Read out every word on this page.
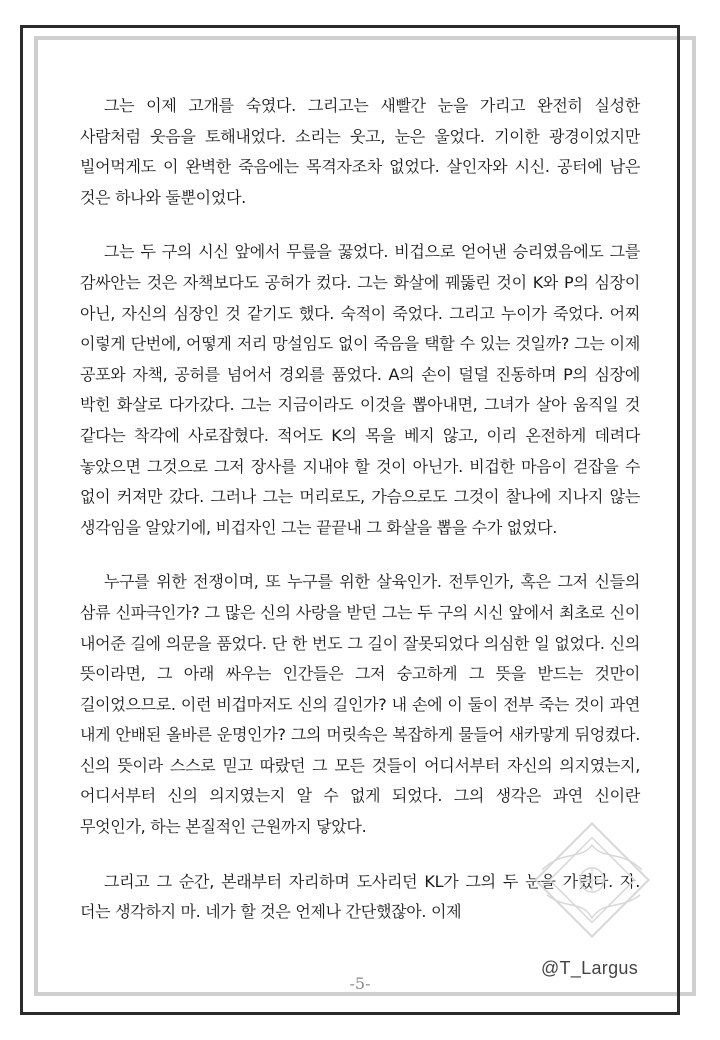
그는 이제 고개를 숙였다. 그리고는 새빨간 눈을 가리고 완전히 실성한 사람처럼 웃음을 토해내었다. 소리는 웃고, 눈은 울었다. 기이한 광경이었지만 빌어먹게도 이 완벽한 죽음에는 목격자조차 없었다. 살인자와 시신. 공터에 남은 것은 하나와 둘뿐이었다.

그는 두 구의 시신 앞에서 무릎을 꿇었다. 비겁으로 얻어낸 승리였음에도 그를 감싸안는 것은 자책보다도 공허가 컸다. 그는 화살에 꿰뚫린 것이 K와 P의 심장이 아닌, 자신의 심장인 것 같기도 했다. 숙적이 죽었다. 그리고 누이가 죽었다. 어찌 이렇게 단번에, 어떻게 저리 망설임도 없이 죽음을 택할 수 있는 것일까? 그는 이제 공포와 자책, 공허를 넘어서 경외를 품었다. A의 손이 덜덜 진동하며 P의 심장에 박힌 화살로 다가갔다. 그는 지금이라도 이것을 뽑아내면, 그녀가 살아 움직일 것 같다는 착각에 사로잡혔다. 적어도 K의 목을 베지 않고, 이리 온전하게 데려다 놓았으면 그것으로 그저 장사를 지내야 할 것이 아닌가. 비겁한 마음이 걷잡을 수 없이 커져만 갔다. 그러나 그는 머리로도, 가슴으로도 그것이 찰나에 지나지 않는 생각임을 알았기에, 비겁자인 그는 끝끝내 그 화살을 뽑을 수가 없었다.

누구를 위한 전쟁이며, 또 누구를 위한 살육인가. 전투인가, 혹은 그저 신들의 삼류 신파극인가? 그 많은 신의 사랑을 받던 그는 두 구의 시신 앞에서 최초로 신이 내어준 길에 의문을 품었다. 단 한 번도 그 길이 잘못되었다 의심한 일 없었다. 신의 뜻이라면, 그 아래 싸우는 인간들은 그저 숭고하게 그 뜻을 받드는 것만이 길이었으므로. 이런 비겁마저도 신의 길인가? 내 손에 이 둘이 전부 죽는 것이 과연 내게 안배된 올바른 운명인가? 그의 머릿속은 복잡하게 물들어 새카맣게 뒤엉켰다. 신의 뜻이라 스스로 믿고 따랐던 그 모든 것들이 어디서부터 자신의 의지였는지, 어디서부터 신의 의지였는지 알 수 없게 되었다. 그의 생각은 과연 신이란 무엇인가, 하는 본질적인 근원까지 닿았다.

그리고 그 순간, 본래부터 자리하며 도사리던 KL가 그의 두 눈을 가렸다. 자. 더는 생각하지 마. 네가 할 것은 언제나 간단했잖아. 이제

@T_Largus
-5-
